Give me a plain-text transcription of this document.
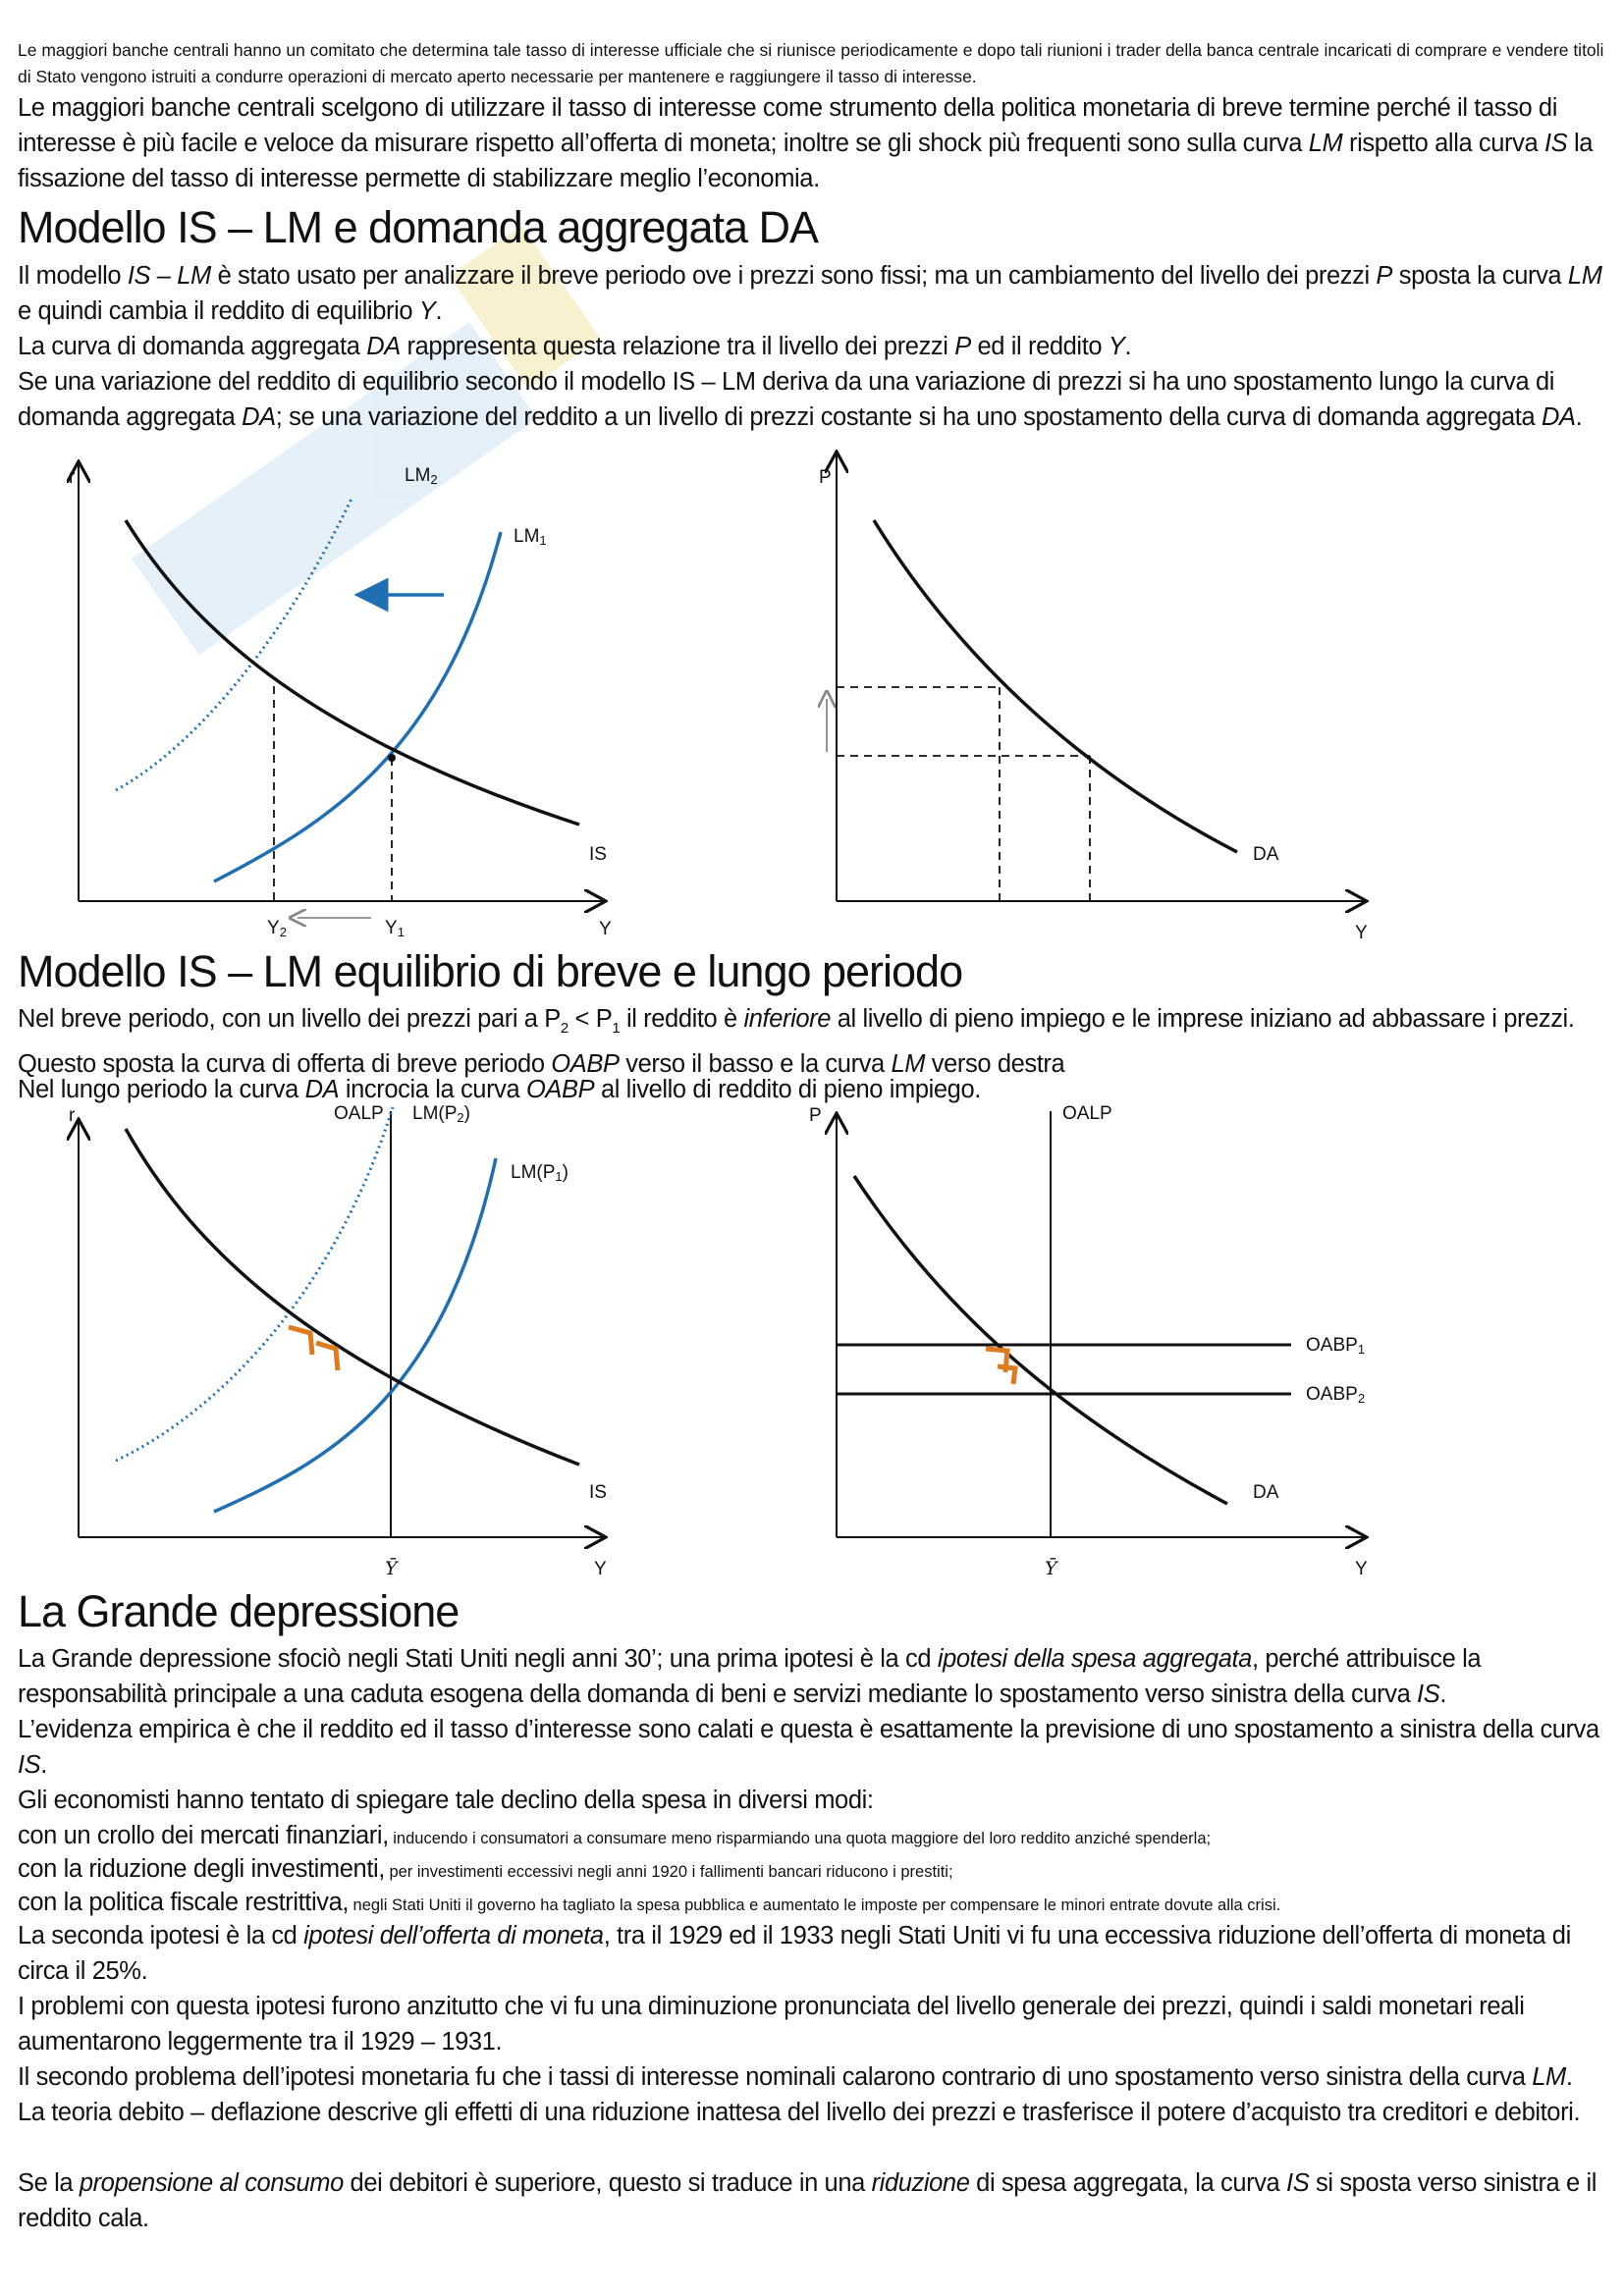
Le maggiori banche centrali hanno un comitato che determina tale tasso di interesse ufficiale che si riunisce periodicamente e dopo tali riunioni i trader della banca centrale incaricati di comprare e vendere titoli di Stato vengono istruiti a condurre operazioni di mercato aperto necessarie per mantenere e raggiungere il tasso di interesse.
Le maggiori banche centrali scelgono di utilizzare il tasso di interesse come strumento della politica monetaria di breve termine perché il tasso di interesse è più facile e veloce da misurare rispetto all’offerta di moneta; inoltre se gli shock più frequenti sono sulla curva LM rispetto alla curva IS la fissazione del tasso di interesse permette di stabilizzare meglio l’economia.
Modello IS – LM e domanda aggregata DA
Il modello IS – LM è stato usato per analizzare il breve periodo ove i prezzi sono fissi; ma un cambiamento del livello dei prezzi P sposta la curva LM e quindi cambia il reddito di equilibrio Y.
La curva di domanda aggregata DA rappresenta questa relazione tra il livello dei prezzi P ed il reddito Y.
Se una variazione del reddito di equilibrio secondo il modello IS – LM deriva da una variazione di prezzi si ha uno spostamento lungo la curva di domanda aggregata DA; se una variazione del reddito a un livello di prezzi costante si ha uno spostamento della curva di domanda aggregata DA.
r
Y
LM2
LM1
IS
Y2	Y1
P
Y
DA
Modello IS – LM equilibrio di breve e lungo periodo
Nel breve periodo, con un livello dei prezzi pari a $P_2 < P_1$ il reddito è inferiore al livello di pieno impiego e le imprese iniziano ad abbassare i prezzi. Questo sposta la curva di offerta di breve periodo OABP verso il basso e la curva LM verso destra
Nel lungo periodo la curva DA incrocia la curva OABP al livello di reddito di pieno impiego.
r
Y
OALP LM(P2)
LM(P1)
IS
Ȳ
P
Y
OALP
OABP1
OABP2
DA
Ȳ
La Grande depressione
La Grande depressione sfociò negli Stati Uniti negli anni 30’; una prima ipotesi è la cd ipotesi della spesa aggregata, perché attribuisce la responsabilità principale a una caduta esogena della domanda di beni e servizi mediante lo spostamento verso sinistra della curva IS.
L’evidenza empirica è che il reddito ed il tasso d’interesse sono calati e questa è esattamente la previsione di uno spostamento a sinistra della curva IS.
Gli economisti hanno tentato di spiegare tale declino della spesa in diversi modi:
con un crollo dei mercati finanziari, inducendo i consumatori a consumare meno risparmiando una quota maggiore del loro reddito anziché spenderla;
con la riduzione degli investimenti, per investimenti eccessivi negli anni 1920 i fallimenti bancari riducono i prestiti;
con la politica fiscale restrittiva, negli Stati Uniti il governo ha tagliato la spesa pubblica e aumentato le imposte per compensare le minori entrate dovute alla crisi.
La seconda ipotesi è la cd ipotesi dell’offerta di moneta, tra il 1929 ed il 1933 negli Stati Uniti vi fu una eccessiva riduzione dell’offerta di moneta di circa il 25%.
I problemi con questa ipotesi furono anzitutto che vi fu una diminuzione pronunciata del livello generale dei prezzi, quindi i saldi monetari reali aumentarono leggermente tra il 1929 – 1931.
Il secondo problema dell’ipotesi monetaria fu che i tassi di interesse nominali calarono contrario di uno spostamento verso sinistra della curva LM.
La teoria debito – deflazione descrive gli effetti di una riduzione inattesa del livello dei prezzi e trasferisce il potere d’acquisto tra creditori e debitori.
Se la propensione al consumo dei debitori è superiore, questo si traduce in una riduzione di spesa aggregata, la curva IS si sposta verso sinistra e il reddito cala.
